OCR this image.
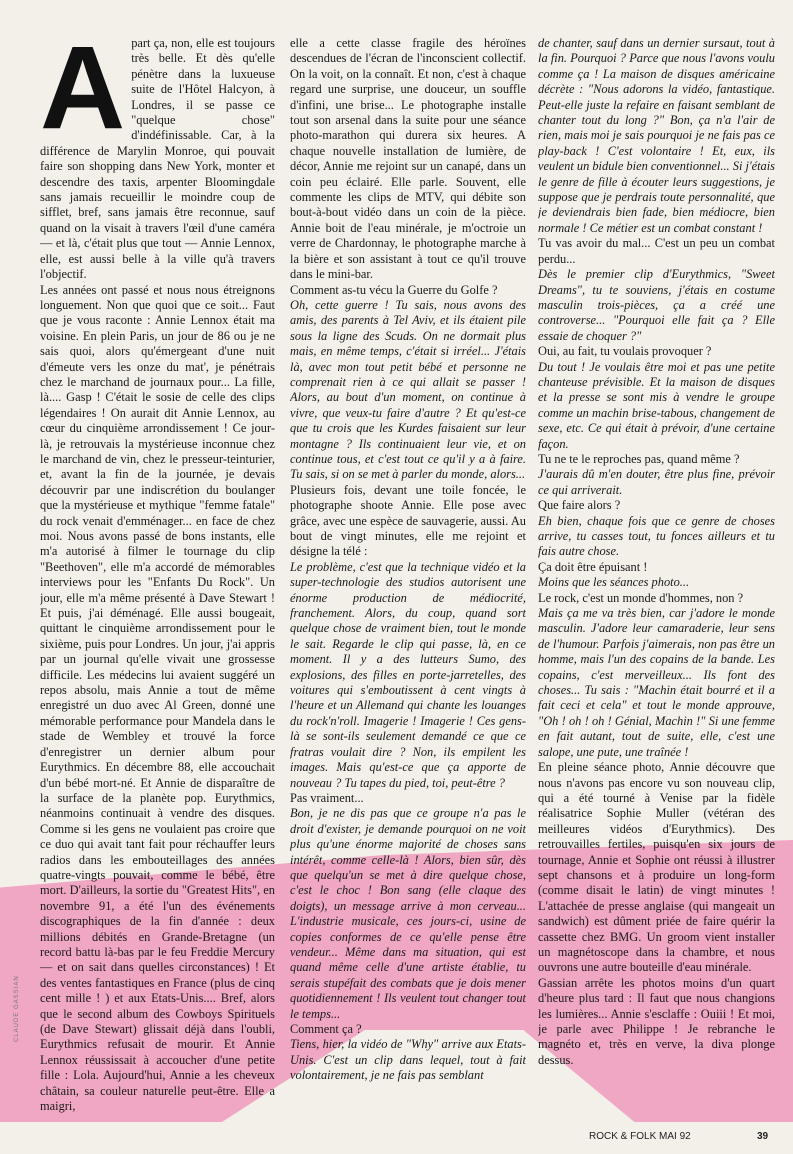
CLAUDE GASSIAN
A part ça, non, elle est toujours très belle. Et dès qu'elle pénètre dans la luxueuse suite de l'Hôtel Halcyon, à Londres, il se passe ce "quelque chose" d'indéfinissable. Car, à la différence de Marylin Monroe, qui pouvait faire son shopping dans New York, monter et descendre des taxis, arpenter Bloomingdale sans jamais recueillir le moindre coup de sifflet, bref, sans jamais être reconnue, sauf quand on la visait à travers l'œil d'une caméra — et là, c'était plus que tout — Annie Lennox, elle, est aussi belle à la ville qu'à travers l'objectif.

Les années ont passé et nous nous étreignons longuement. Non que quoi que ce soit... Faut que je vous raconte : Annie Lennox était ma voisine. En plein Paris, un jour de 86 ou je ne sais quoi, alors qu'émergeant d'une nuit d'émeute vers les onze du mat', je pénétrais chez le marchand de journaux pour... La fille, là.... Gasp ! C'était le sosie de celle des clips légendaires ! On aurait dit Annie Lennox, au cœur du cinquième arrondissement ! Ce jour-là, je retrouvais la mystérieuse inconnue chez le marchand de vin, chez le presseur-teinturier, et, avant la fin de la journée, je devais découvrir par une indiscrétion du boulanger que la mystérieuse et mythique "femme fatale" du rock venait d'emménager... en face de chez moi. Nous avons passé de bons instants, elle m'a autorisé à filmer le tournage du clip "Beethoven", elle m'a accordé de mémorables interviews pour les "Enfants Du Rock". Un jour, elle m'a même présenté à Dave Stewart ! Et puis, j'ai déménagé. Elle aussi bougeait, quittant le cinquième arrondissement pour le sixième, puis pour Londres. Un jour, j'ai appris par un journal qu'elle vivait une grossesse difficile. Les médecins lui avaient suggéré un repos absolu, mais Annie a tout de même enregistré un duo avec Al Green, donné une mémorable performance pour Mandela dans le stade de Wembley et trouvé la force d'enregistrer un dernier album pour Eurythmics. En décembre 88, elle accouchait d'un bébé mort-né. Et Annie de disparaître de la surface de la planète pop. Eurythmics, néanmoins continuait à vendre des disques. Comme si les gens ne voulaient pas croire que ce duo qui avait tant fait pour réchauffer leurs radios dans les embouteillages des années quatre-vingts pouvait, comme le bébé, être mort. D'ailleurs, la sortie du "Greatest Hits", en novembre 91, a été l'un des événements discographiques de la fin d'année : deux millions débités en Grande-Bretagne (un record battu là-bas par le feu Freddie Mercury — et on sait dans quelles circonstances) ! Et des ventes fantastiques en France (plus de cinq cent mille ! ) et aux Etats-Unis.... Bref, alors que le second album des Cowboys Spirituels (de Dave Stewart) glissait déjà dans l'oubli, Eurythmics refusait de mourir. Et Annie Lennox réussissait à accoucher d'une petite fille : Lola. Aujourd'hui, Annie a les cheveux châtain, sa couleur naturelle peut-être. Elle a maigri,

elle a cette classe fragile des héroïnes descendues de l'écran de l'inconscient collectif. On la voit, on la connaît. Et non, c'est à chaque regard une surprise, une douceur, un souffle d'infini, une brise... Le photographe installe tout son arsenal dans la suite pour une séance photo-marathon qui durera six heures. A chaque nouvelle installation de lumière, de décor, Annie me rejoint sur un canapé, dans un coin peu éclairé. Elle parle. Souvent, elle commente les clips de MTV, qui débite son bout-à-bout vidéo dans un coin de la pièce. Annie boit de l'eau minérale, je m'octroie un verre de Chardonnay, le photographe marche à la bière et son assistant à tout ce qu'il trouve dans le mini-bar.

Comment as-tu vécu la Guerre du Golfe ?

Oh, cette guerre ! Tu sais, nous avons des amis, des parents à Tel Aviv, et ils étaient pile sous la ligne des Scuds. On ne dormait plus mais, en même temps, c'était si irréel... J'étais là, avec mon tout petit bébé et personne ne comprenait rien à ce qui allait se passer ! Alors, au bout d'un moment, on continue à vivre, que veux-tu faire d'autre ? Et qu'est-ce que tu crois que les Kurdes faisaient sur leur montagne ? Ils continuaient leur vie, et on continue tous, et c'est tout ce qu'il y a à faire. Tu sais, si on se met à parler du monde, alors...

Plusieurs fois, devant une toile foncée, le photographe shoote Annie. Elle pose avec grâce, avec une espèce de sauvagerie, aussi. Au bout de vingt minutes, elle me rejoint et désigne la télé :

Le problème, c'est que la technique vidéo et la super-technologie des studios autorisent une énorme production de médiocrité, franchement. Alors, du coup, quand sort quelque chose de vraiment bien, tout le monde le sait. Regarde le clip qui passe, là, en ce moment. Il y a des lutteurs Sumo, des explosions, des filles en porte-jarretelles, des voitures qui s'emboutissent à cent vingts à l'heure et un Allemand qui chante les louanges du rock'n'roll. Imagerie ! Imagerie ! Ces gens-là se sont-ils seulement demandé ce que ce fratras voulait dire ? Non, ils empilent les images. Mais qu'est-ce que ça apporte de nouveau ? Tu tapes du pied, toi, peut-être ?

Pas vraiment...

Bon, je ne dis pas que ce groupe n'a pas le droit d'exister, je demande pourquoi on ne voit plus qu'une énorme majorité de choses sans intérêt, comme celle-là ! Alors, bien sûr, dès que quelqu'un se met à dire quelque chose, c'est le choc ! Bon sang (elle claque des doigts), un message arrive à mon cerveau... L'industrie musicale, ces jours-ci, usine de copies conformes de ce qu'elle pense être vendeur... Même dans ma situation, qui est quand même celle d'une artiste établie, tu serais stupéfait des combats que je dois mener quotidiennement ! Ils veulent tout changer tout le temps...

Comment ça ?

Tiens, hier, la vidéo de "Why" arrive aux Etats-Unis. C'est un clip dans lequel, tout à fait volontairement, je ne fais pas semblant

de chanter, sauf dans un dernier sursaut, tout à la fin. Pourquoi ? Parce que nous l'avons voulu comme ça ! La maison de disques américaine décrète : "Nous adorons la vidéo, fantastique. Peut-elle juste la refaire en faisant semblant de chanter tout du long ?" Bon, ça n'a l'air de rien, mais moi je sais pourquoi je ne fais pas ce play-back ! C'est volontaire ! Et, eux, ils veulent un bidule bien conventionnel... Si j'étais le genre de fille à écouter leurs suggestions, je suppose que je perdrais toute personnalité, que je deviendrais bien fade, bien médiocre, bien normale ! Ce métier est un combat constant !

Tu vas avoir du mal... C'est un peu un combat perdu...

Dès le premier clip d'Eurythmics, "Sweet Dreams", tu te souviens, j'étais en costume masculin trois-pièces, ça a créé une controverse... "Pourquoi elle fait ça ? Elle essaie de choquer ?"

Oui, au fait, tu voulais provoquer ?

Du tout ! Je voulais être moi et pas une petite chanteuse prévisible. Et la maison de disques et la presse se sont mis à vendre le groupe comme un machin brise-tabous, changement de sexe, etc. Ce qui était à prévoir, d'une certaine façon.

Tu ne te le reproches pas, quand même ?

J'aurais dû m'en douter, être plus fine, prévoir ce qui arriverait.

Que faire alors ?

Eh bien, chaque fois que ce genre de choses arrive, tu casses tout, tu fonces ailleurs et tu fais autre chose.

Ça doit être épuisant !

Moins que les séances photo...

Le rock, c'est un monde d'hommes, non ?

Mais ça me va très bien, car j'adore le monde masculin. J'adore leur camaraderie, leur sens de l'humour. Parfois j'aimerais, non pas être un homme, mais l'un des copains de la bande. Les copains, c'est merveilleux... Ils font des choses... Tu sais : "Machin était bourré et il a fait ceci et cela" et tout le monde approuve, "Oh ! oh ! oh ! Génial, Machin !" Si une femme en fait autant, tout de suite, elle, c'est une salope, une pute, une traînée !

En pleine séance photo, Annie découvre que nous n'avons pas encore vu son nouveau clip, qui a été tourné à Venise par la fidèle réalisatrice Sophie Muller (vétéran des meilleures vidéos d'Eurythmics). Des retrouvailles fertiles, puisqu'en six jours de tournage, Annie et Sophie ont réussi à illustrer sept chansons et à produire un long-form (comme disait le latin) de vingt minutes ! L'attachée de presse anglaise (qui mangeait un sandwich) est dûment priée de faire quérir la cassette chez BMG. Un groom vient installer un magnétoscope dans la chambre, et nous ouvrons une autre bouteille d'eau minérale.

Gassian arrête les photos moins d'un quart d'heure plus tard : Il faut que nous changions les lumières... Annie s'esclaffe : Ouiii ! Et moi, je parle avec Philippe ! Je rebranche le magnéto et, très en verve, la diva plonge dessus.

ROCK & FOLK MAI 92	39
